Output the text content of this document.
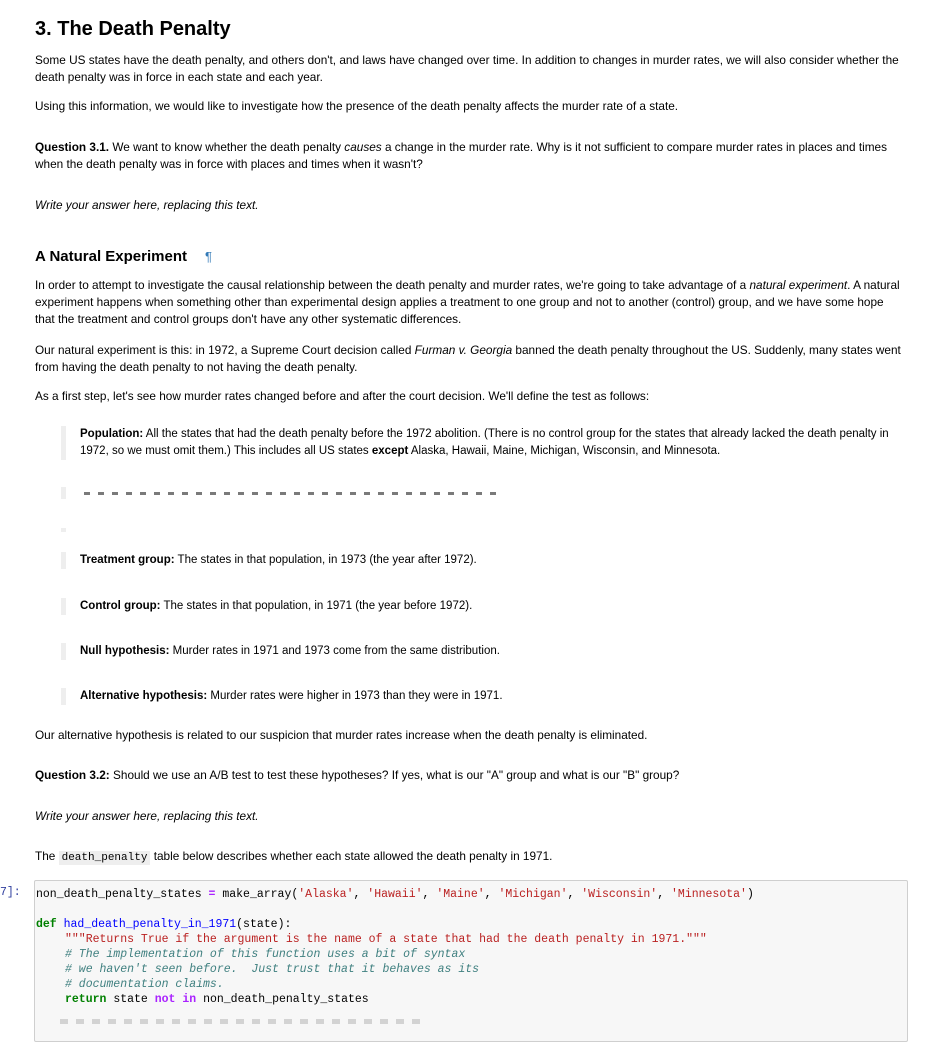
3. The Death Penalty

Some US states have the death penalty, and others don't, and laws have changed over time. In addition to changes in murder rates, we will also consider whether the death penalty was in force in each state and each year.

Using this information, we would like to investigate how the presence of the death penalty affects the murder rate of a state.

Question 3.1. We want to know whether the death penalty causes a change in the murder rate. Why is it not sufficient to compare murder rates in places and times when the death penalty was in force with places and times when it wasn't?

Write your answer here, replacing this text.

A Natural Experiment ¶

In order to attempt to investigate the causal relationship between the death penalty and murder rates, we're going to take advantage of a natural experiment. A natural experiment happens when something other than experimental design applies a treatment to one group and not to another (control) group, and we have some hope that the treatment and control groups don't have any other systematic differences.

Our natural experiment is this: in 1972, a Supreme Court decision called Furman v. Georgia banned the death penalty throughout the US. Suddenly, many states went from having the death penalty to not having the death penalty.

As a first step, let's see how murder rates changed before and after the court decision. We'll define the test as follows:

Population: All the states that had the death penalty before the 1972 abolition. (There is no control group for the states that already lacked the death penalty in 1972, so we must omit them.) This includes all US states except Alaska, Hawaii, Maine, Michigan, Wisconsin, and Minnesota.
Treatment group: The states in that population, in 1973 (the year after 1972).
Control group: The states in that population, in 1971 (the year before 1972).
Null hypothesis: Murder rates in 1971 and 1973 come from the same distribution.
Alternative hypothesis: Murder rates were higher in 1973 than they were in 1971.

Our alternative hypothesis is related to our suspicion that murder rates increase when the death penalty is eliminated.

Question 3.2: Should we use an A/B test to test these hypotheses? If yes, what is our "A" group and what is our "B" group?

Write your answer here, replacing this text.

The death_penalty table below describes whether each state allowed the death penalty in 1971.

7]: non_death_penalty_states = make_array('Alaska', 'Hawaii', 'Maine', 'Michigan', 'Wisconsin', 'Minnesota')
def had_death_penalty_in_1971(state):
"""Returns True if the argument is the name of a state that had the death penalty in 1971."""
# The implementation of this function uses a bit of syntax
# we haven't seen before.  Just trust that it behaves as its
# documentation claims.
return state not in non_death_penalty_states
